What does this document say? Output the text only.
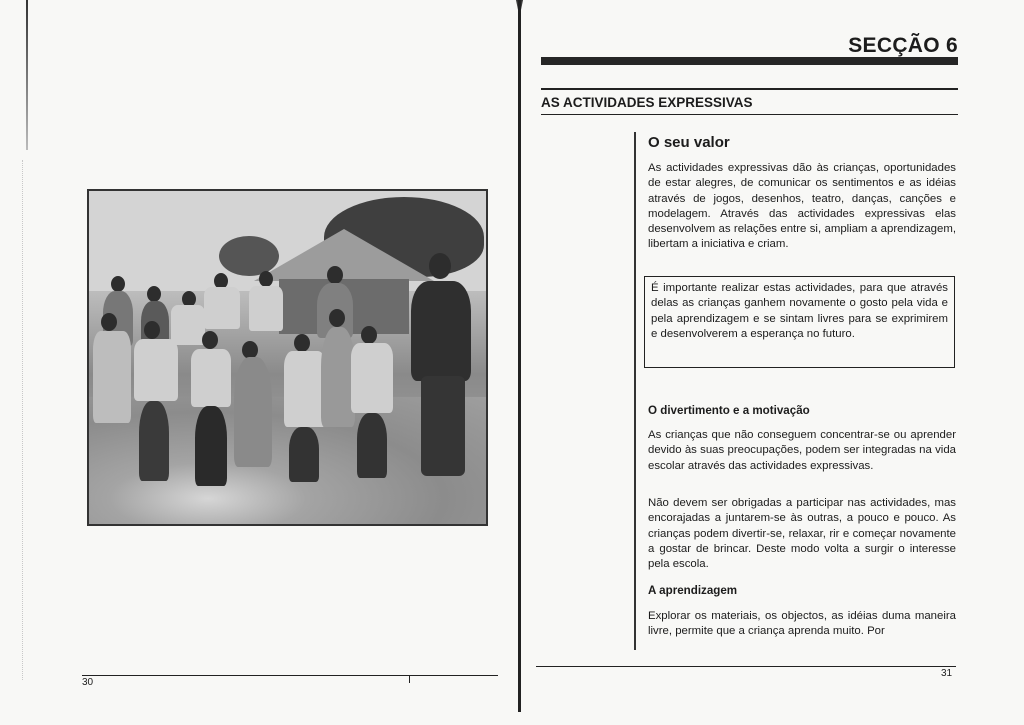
30
SECÇÃO 6
AS ACTIVIDADES EXPRESSIVAS
O seu valor
As actividades expressivas dão às crianças, oportunidades de estar alegres, de comunicar os sentimentos e as idéias através de jogos, desenhos, teatro, danças, canções e modelagem. Através das actividades expressivas elas desenvolvem as relações entre si, ampliam a aprendizagem, libertam a iniciativa e criam.
É importante realizar estas actividades, para que através delas as crianças ganhem novamente o gosto pela vida e pela aprendizagem e se sintam livres para se exprimirem e desenvolverem a esperança no futuro.
O divertimento e a motivação
As crianças que não conseguem concentrar-se ou aprender devido às suas preocupações, podem ser integradas na vida escolar através das actividades expressivas.
Não devem ser obrigadas a participar nas actividades, mas encorajadas a juntarem-se às outras, a pouco e pouco. As crianças podem divertir-se, relaxar, rir e começar novamente a gostar de brincar. Deste modo volta a surgir o interesse pela escola.
A aprendizagem
Explorar os materiais, os objectos, as idéias duma maneira livre, permite que a criança aprenda muito. Por
31
